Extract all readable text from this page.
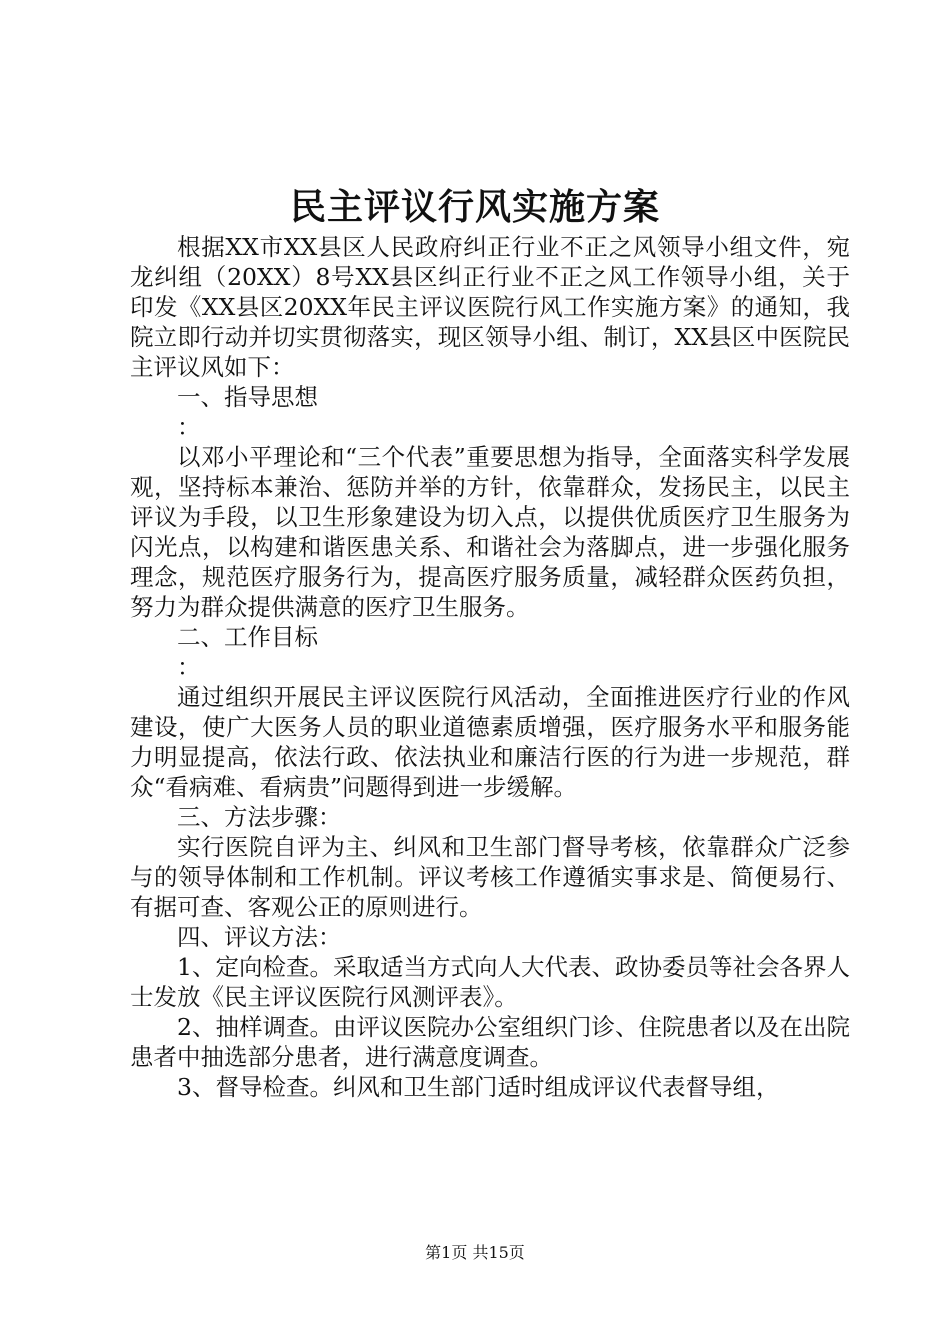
民主评议行风实施方案

根据XX市XX县区人民政府纠正行业不正之风领导小组文件，宛龙纠组（20XX）8号XX县区纠正行业不正之风工作领导小组，关于印发《XX县区20XX年民主评议医院行风工作实施方案》的通知，我院立即行动并切实贯彻落实，现区领导小组、制订，XX县区中医院民主评议风如下：

一、指导思想

：

以邓小平理论和“三个代表”重要思想为指导，全面落实科学发展观，坚持标本兼治、惩防并举的方针，依靠群众，发扬民主，以民主评议为手段，以卫生形象建设为切入点，以提供优质医疗卫生服务为闪光点，以构建和谐医患关系、和谐社会为落脚点，进一步强化服务理念，规范医疗服务行为，提高医疗服务质量，减轻群众医药负担，努力为群众提供满意的医疗卫生服务。

二、工作目标

：

通过组织开展民主评议医院行风活动，全面推进医疗行业的作风建设，使广大医务人员的职业道德素质增强，医疗服务水平和服务能力明显提高，依法行政、依法执业和廉洁行医的行为进一步规范，群众“看病难、看病贵”问题得到进一步缓解。

三、方法步骤：

实行医院自评为主、纠风和卫生部门督导考核，依靠群众广泛参与的领导体制和工作机制。评议考核工作遵循实事求是、简便易行、有据可查、客观公正的原则进行。

四、评议方法：

1、定向检查。采取适当方式向人大代表、政协委员等社会各界人士发放《民主评议医院行风测评表》。

2、抽样调查。由评议医院办公室组织门诊、住院患者以及在出院患者中抽选部分患者，进行满意度调查。

3、督导检查。纠风和卫生部门适时组成评议代表督导组，

第1页 共15页
